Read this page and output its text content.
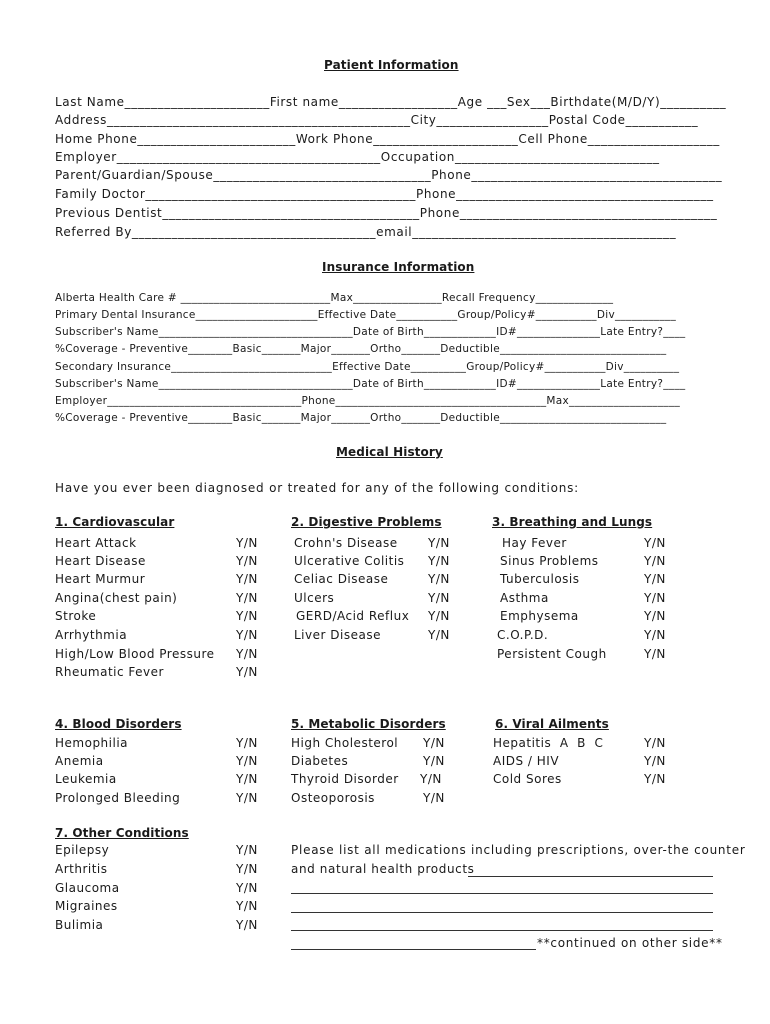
Patient Information
Last Name______________________First name__________________Age ___Sex___Birthdate(M/D/Y)__________
Address______________________________________________City_________________Postal Code___________
Home Phone________________________Work Phone______________________Cell Phone____________________
Employer________________________________________Occupation_______________________________
Parent/Guardian/Spouse_________________________________Phone______________________________________
Family Doctor_________________________________________Phone_______________________________________
Previous Dentist_______________________________________Phone_______________________________________
Referred By_____________________________________email________________________________________
Insurance Information
Alberta Health Care # ___________________________Max________________Recall Frequency______________
Primary Dental Insurance______________________Effective Date___________Group/Policy#___________Div___________
Subscriber's Name___________________________________Date of Birth_____________ID#_______________Late Entry?____
%Coverage - Preventive________Basic_______Major_______Ortho_______Deductible______________________________
Secondary Insurance_____________________________Effective Date__________Group/Policy#___________Div__________
Subscriber's Name___________________________________Date of Birth_____________ID#_______________Late Entry?____
Employer___________________________________Phone______________________________________Max____________________
%Coverage - Preventive________Basic_______Major_______Ortho_______Deductible______________________________
Medical History
Have you ever been diagnosed or treated for any of the following conditions:
1. Cardiovascular
Heart Attack
Heart Disease
Heart Murmur
Angina(chest pain)
Stroke
Arrhythmia
High/Low Blood Pressure
Rheumatic Fever
Y/N
Y/N
Y/N
Y/N
Y/N
Y/N
Y/N
Y/N
2. Digestive Problems
Crohn's Disease
Ulcerative Colitis
Celiac Disease
Ulcers
GERD/Acid Reflux
Liver Disease
Y/N
Y/N
Y/N
Y/N
Y/N
Y/N
3. Breathing and Lungs
Hay Fever
Sinus Problems
Tuberculosis
Asthma
Emphysema
C.O.P.D.
Persistent Cough
Y/N
Y/N
Y/N
Y/N
Y/N
Y/N
Y/N
4. Blood Disorders
Hemophilia
Anemia
Leukemia
Prolonged Bleeding
Y/N
Y/N
Y/N
Y/N
5. Metabolic Disorders
High Cholesterol
Diabetes
Thyroid Disorder
Osteoporosis
Y/N
Y/N
Y/N
Y/N
6. Viral Ailments
Hepatitis  A  B  C
AIDS / HIV
Cold Sores
Y/N
Y/N
Y/N
7. Other Conditions
Epilepsy
Arthritis
Glaucoma
Migraines
Bulimia
Y/N
Y/N
Y/N
Y/N
Y/N
Please list all medications including prescriptions, over-the counter
and natural health products
**continued on other side**
